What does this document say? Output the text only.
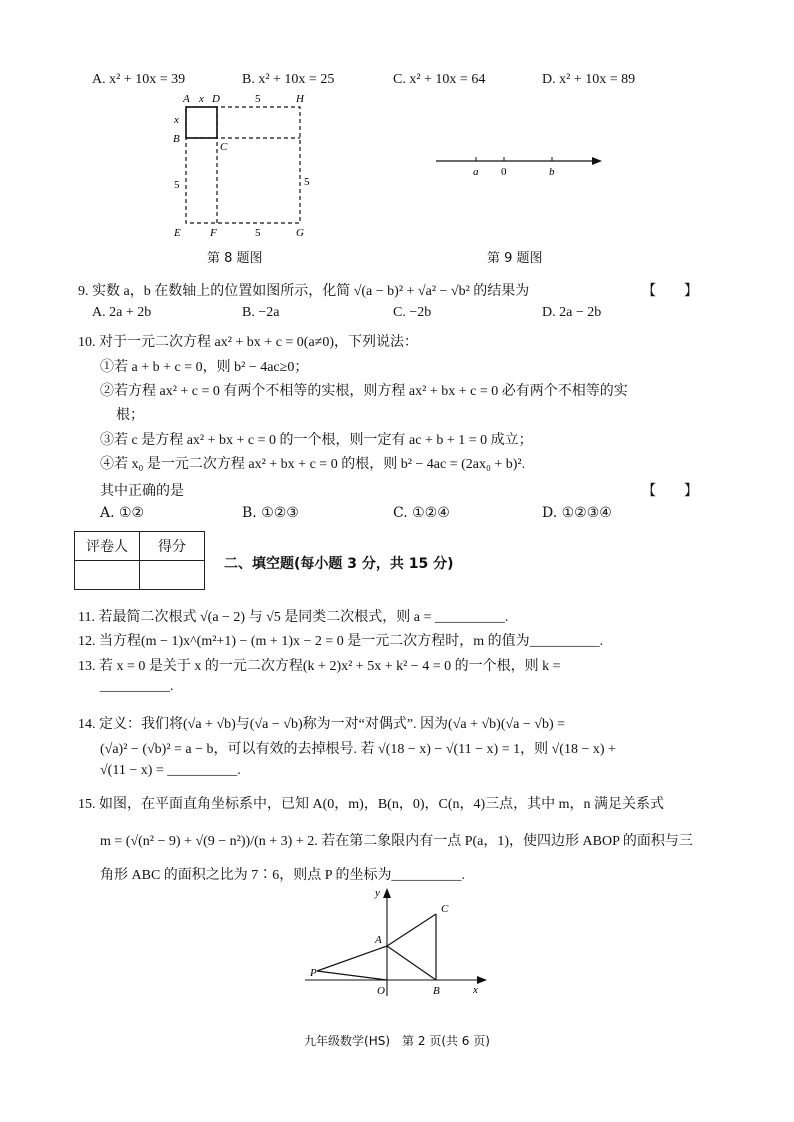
A. x² + 10x = 39	B. x² + 10x = 25	C. x² + 10x = 64	D. x² + 10x = 89
A x D	5	H
x
B
C
5	5
E	F	5	G
第 8 题图
a 0	b
第 9 题图
9. 实数 a，b 在数轴上的位置如图所示，化简 √(a − b)² + √a² − √b² 的结果为	【　　】
A. 2a + 2b	B. −2a	C. −2b	D. 2a − 2b
10. 对于一元二次方程 ax² + bx + c = 0(a≠0)，下列说法：
①若 a + b + c = 0，则 b² − 4ac≥0；
②若方程 ax² + c = 0 有两个不相等的实根，则方程 ax² + bx + c = 0 必有两个不相等的实
根；
③若 c 是方程 ax² + bx + c = 0 的一个根，则一定有 ac + b + 1 = 0 成立；
④若 x₀ 是一元二次方程 ax² + bx + c = 0 的根，则 b² − 4ac = (2ax₀ + b)².
其中正确的是	【　　】
A. ①②	B. ①②③	C. ①②④	D. ①②③④
评卷人	得分

二、填空题(每小题 3 分，共 15 分)
11. 若最简二次根式 √(a − 2) 与 √5 是同类二次根式，则 a = __________.
12. 当方程(m − 1)x^(m²+1) − (m + 1)x − 2 = 0 是一元二次方程时，m 的值为__________.
13. 若 x = 0 是关于 x 的一元二次方程(k + 2)x² + 5x + k² − 4 = 0 的一个根，则 k =
__________.
14. 定义：我们将(√a + √b)与(√a − √b)称为一对“对偶式”. 因为(√a + √b)(√a − √b) =
(√a)² − (√b)² = a − b，可以有效的去掉根号. 若 √(18 − x) − √(11 − x) = 1，则 √(18 − x) +
√(11 − x) = __________.
15. 如图，在平面直角坐标系中，已知 A(0，m)，B(n，0)，C(n，4)三点，其中 m，n 满足关系式
m = (√(n² − 9) + √(9 − n²))/(n + 3) + 2. 若在第二象限内有一点 P(a，1)，使四边形 ABOP 的面积与三
角形 ABC 的面积之比为 7∶6，则点 P 的坐标为__________.
y
x
C
A
P
O	B
九年级数学(HS)　第 2 页(共 6 页)
